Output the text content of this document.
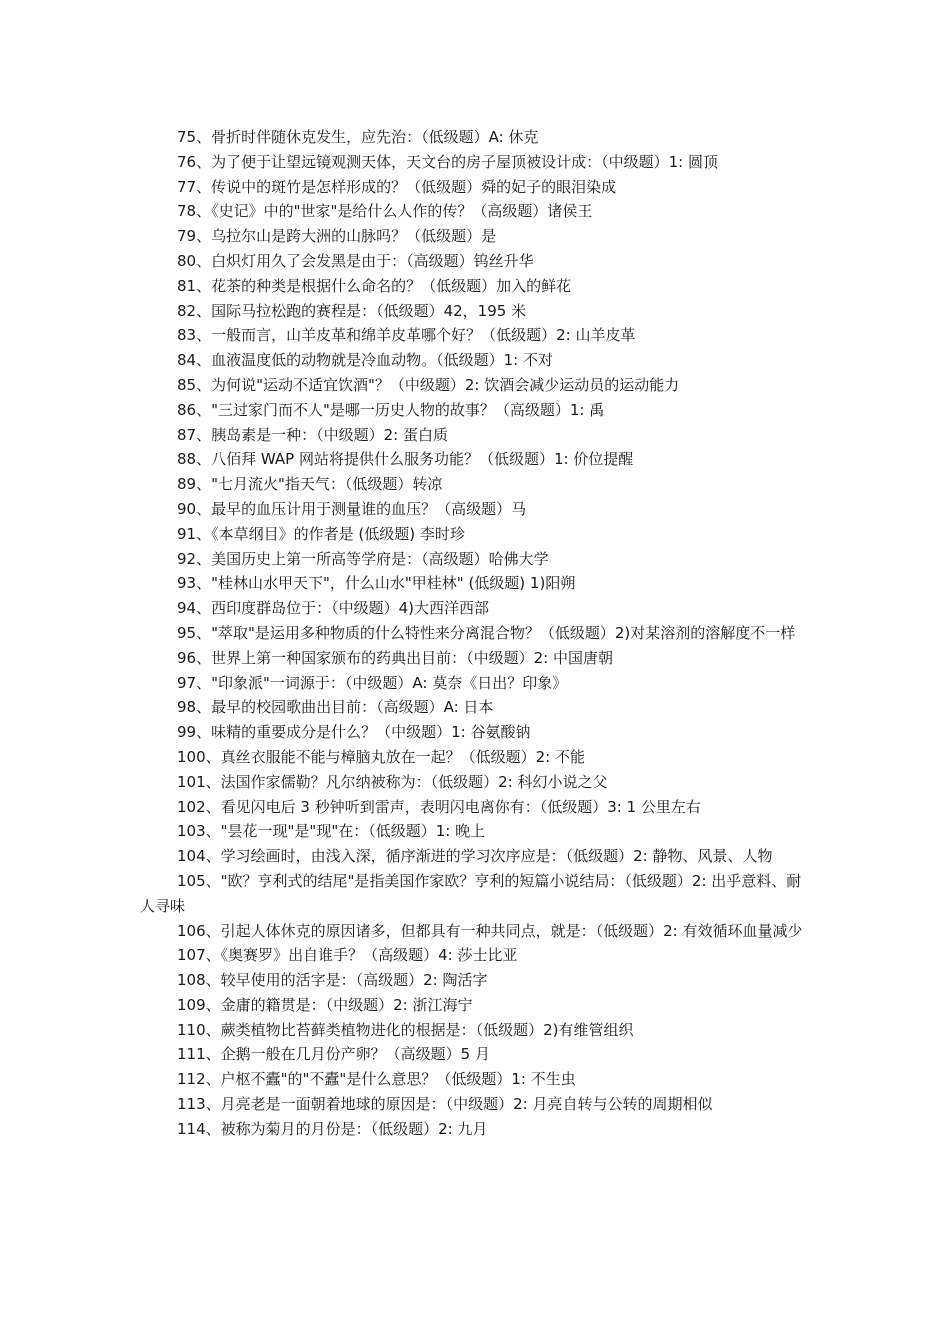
75、骨折时伴随休克发生，应先治：（低级题）A: 休克

76、为了便于让望远镜观测天体，天文台的房子屋顶被设计成：（中级题）1: 圆顶

77、传说中的斑竹是怎样形成的？（低级题）舜的妃子的眼泪染成

78、《史记》中的"世家"是给什么人作的传？（高级题）诸侯王

79、乌拉尔山是跨大洲的山脉吗？（低级题）是

80、白炽灯用久了会发黑是由于：（高级题）钨丝升华

81、花茶的种类是根据什么命名的？（低级题）加入的鲜花

82、国际马拉松跑的赛程是：（低级题）42，195 米

83、一般而言，山羊皮革和绵羊皮革哪个好？（低级题）2: 山羊皮革

84、血液温度低的动物就是冷血动物。（低级题）1: 不对

85、为何说"运动不适宜饮酒"？（中级题）2: 饮酒会减少运动员的运动能力

86、"三过家门而不人"是哪一历史人物的故事？（高级题）1: 禹

87、胰岛素是一种：（中级题）2: 蛋白质

88、八佰拜 WAP 网站将提供什么服务功能？（低级题）1: 价位提醒

89、"七月流火"指天气：（低级题）转凉

90、最早的血压计用于测量谁的血压？（高级题）马

91、《本草纲目》的作者是 (低级题) 李时珍

92、美国历史上第一所高等学府是：（高级题）哈佛大学

93、"桂林山水甲天下"，什么山水"甲桂林" (低级题) 1)阳朔

94、西印度群岛位于：（中级题）4)大西洋西部

95、"萃取"是运用多种物质的什么特性来分离混合物？（低级题）2)对某溶剂的溶解度不一样

96、世界上第一种国家颁布的药典出目前：（中级题）2: 中国唐朝

97、"印象派"一词源于：（中级题）A: 莫奈《日出？印象》

98、最早的校园歌曲出目前：（高级题）A: 日本

99、味精的重要成分是什么？（中级题）1: 谷氨酸钠

100、真丝衣服能不能与樟脑丸放在一起？（低级题）2: 不能

101、法国作家儒勒？凡尔纳被称为：（低级题）2: 科幻小说之父

102、看见闪电后 3 秒钟听到雷声，表明闪电离你有：（低级题）3: 1 公里左右

103、"昙花一现"是"现"在：（低级题）1: 晚上

104、学习绘画时，由浅入深，循序渐进的学习次序应是：（低级题）2: 静物、风景、人物

105、"欧？亨利式的结尾"是指美国作家欧？亨利的短篇小说结局：（低级题）2: 出乎意料、耐人寻味

106、引起人体休克的原因诸多，但都具有一种共同点，就是：（低级题）2: 有效循环血量减少

107、《奥赛罗》出自谁手？（高级题）4: 莎士比亚

108、较早使用的活字是：（高级题）2: 陶活字

109、金庸的籍贯是：（中级题）2: 浙江海宁

110、蕨类植物比苔藓类植物进化的根据是：（低级题）2)有维管组织

111、企鹅一般在几月份产卵？（高级题）5 月

112、户枢不蠹"的"不蠹"是什么意思？（低级题）1: 不生虫

113、月亮老是一面朝着地球的原因是：（中级题）2: 月亮自转与公转的周期相似

114、被称为菊月的月份是：（低级题）2: 九月
